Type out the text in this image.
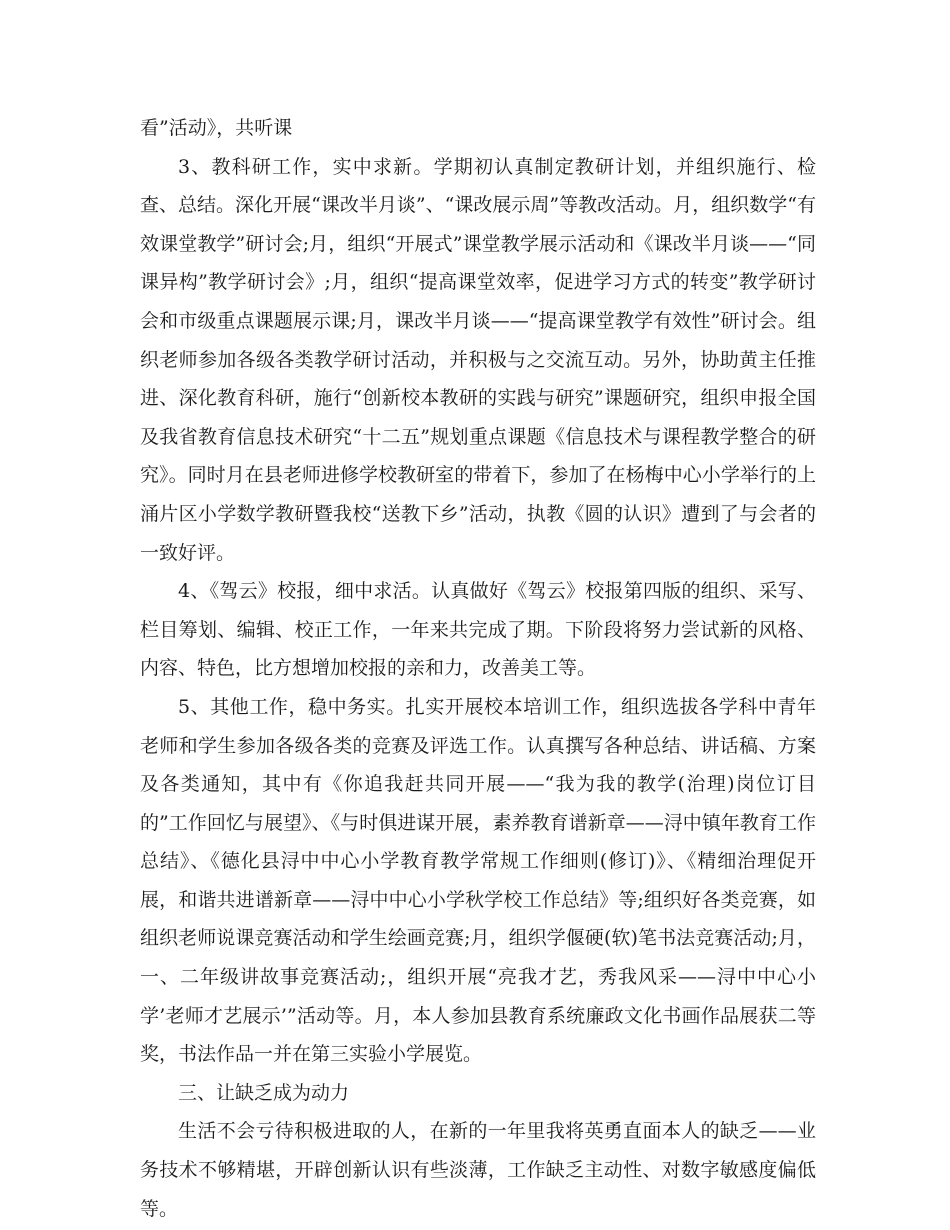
看”活动》，共听课

3、教科研工作，实中求新。学期初认真制定教研计划，并组织施行、检查、总结。深化开展“课改半月谈”、“课改展示周”等教改活动。月，组织数学“有效课堂教学”研讨会;月，组织“开展式”课堂教学展示活动和《课改半月谈——“同课异构”教学研讨会》;月，组织“提高课堂效率，促进学习方式的转变”教学研讨会和市级重点课题展示课;月，课改半月谈——“提高课堂教学有效性”研讨会。组织老师参加各级各类教学研讨活动，并积极与之交流互动。另外，协助黄主任推进、深化教育科研，施行“创新校本教研的实践与研究”课题研究，组织申报全国及我省教育信息技术研究“十二五”规划重点课题《信息技术与课程教学整合的研究》。同时月在县老师进修学校教研室的带着下，参加了在杨梅中心小学举行的上涌片区小学数学教研暨我校“送教下乡”活动，执教《圆的认识》遭到了与会者的一致好评。

4、《驾云》校报，细中求活。认真做好《驾云》校报第四版的组织、采写、栏目筹划、编辑、校正工作，一年来共完成了期。下阶段将努力尝试新的风格、内容、特色，比方想增加校报的亲和力，改善美工等。

5、其他工作，稳中务实。扎实开展校本培训工作，组织选拔各学科中青年老师和学生参加各级各类的竞赛及评选工作。认真撰写各种总结、讲话稿、方案及各类通知，其中有《你追我赶共同开展——“我为我的教学(治理)岗位订目的”工作回忆与展望》、《与时俱进谋开展，素养教育谱新章——浔中镇年教育工作总结》、《德化县浔中中心小学教育教学常规工作细则(修订)》、《精细治理促开展，和谐共进谱新章——浔中中心小学秋学校工作总结》等;组织好各类竞赛，如组织老师说课竞赛活动和学生绘画竞赛;月，组织学偃硬(软)笔书法竞赛活动;月，一、二年级讲故事竞赛活动;，组织开展“亮我才艺，秀我风采——浔中中心小学’老师才艺展示’”活动等。月，本人参加县教育系统廉政文化书画作品展获二等奖，书法作品一并在第三实验小学展览。

三、让缺乏成为动力

生活不会亏待积极进取的人，在新的一年里我将英勇直面本人的缺乏——业务技术不够精堪，开辟创新认识有些淡薄，工作缺乏主动性、对数字敏感度偏低等。
